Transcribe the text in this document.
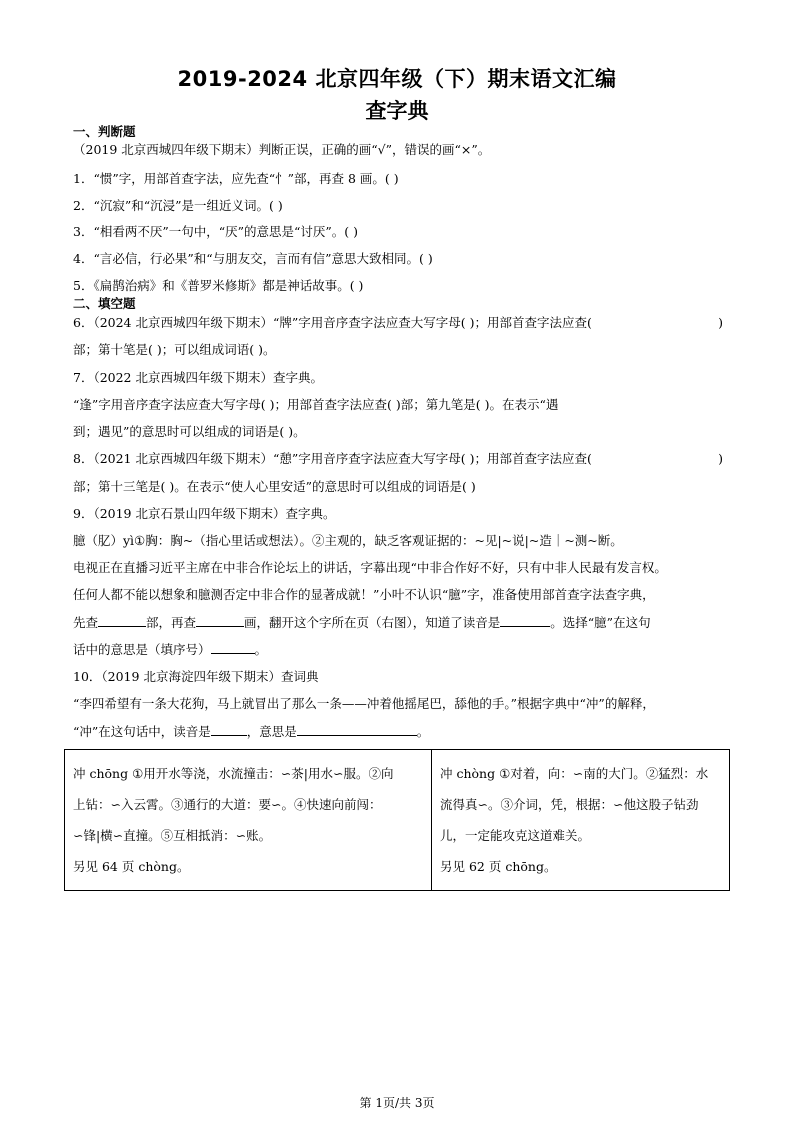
2019-2024 北京四年级（下）期末语文汇编
查字典
一、判断题
（2019 北京西城四年级下期末）判断正误，正确的画“√”，错误的画“×”。
1．“惯”字，用部首查字法，应先查“忄”部，再查 8 画。( )
2．“沉寂”和“沉浸”是一组近义词。( )
3．“相看两不厌”一句中，“厌”的意思是“讨厌”。( )
4．“言必信，行必果”和“与朋友交，言而有信”意思大致相同。( )
5．《扁鹊治病》和《普罗米修斯》都是神话故事。( )
二、填空题
6．（2024 北京西城四年级下期末）“牌”字用音序查字法应查大写字母( )；用部首查字法应查(	)
部；第十笔是( )；可以组成词语( )。
7．（2022 北京西城四年级下期末）查字典。
“逢”字用音序查字法应查大写字母( )；用部首查字法应查( )部；第九笔是( )。在表示“遇
到；遇见”的意思时可以组成的词语是( )。
8．（2021 北京西城四年级下期末）“憩”字用音序查字法应查大写字母( )；用部首查字法应查(	)
部；第十三笔是( )。在表示“使人心里安适”的意思时可以组成的词语是( )
9．（2019 北京石景山四年级下期末）查字典。
臆（肊）yì①胸：胸~（指心里话或想法）。②主观的，缺乏客观证据的：~见|~说|~造｜~测~断。
电视正在直播习近平主席在中非合作论坛上的讲话，字幕出现“中非合作好不好，只有中非人民最有发言权。
任何人都不能以想象和臆测否定中非合作的显著成就！”小叶不认识“臆”字，准备使用部首查字法查字典，
先查	部，再查	画，翻开这个字所在页（右图），知道了读音是	。选择“臆”在这句
话中的意思是（填序号）	。
10．（2019 北京海淀四年级下期末）查词典
“李四希望有一条大花狗，马上就冒出了那么一条——冲着他摇尾巴，舔他的手。”根据字典中“冲”的解释，
“冲”在这句话中，读音是	，意思是	。
冲 chōng ①用开水等浇，水流撞击：∽茶|用水∽服。②向
上钻：∽入云霄。③通行的大道：要∽。④快速向前闯：
∽锋|横∽直撞。⑤互相抵消：∽账。
另见 64 页 chòng。

冲 chòng ①对着，向：∽南的大门。②猛烈：水
流得真∽。③介词，凭，根据：∽他这股子钻劲
儿，一定能攻克这道难关。
另见 62 页 chōng。
第 1页/共 3页
